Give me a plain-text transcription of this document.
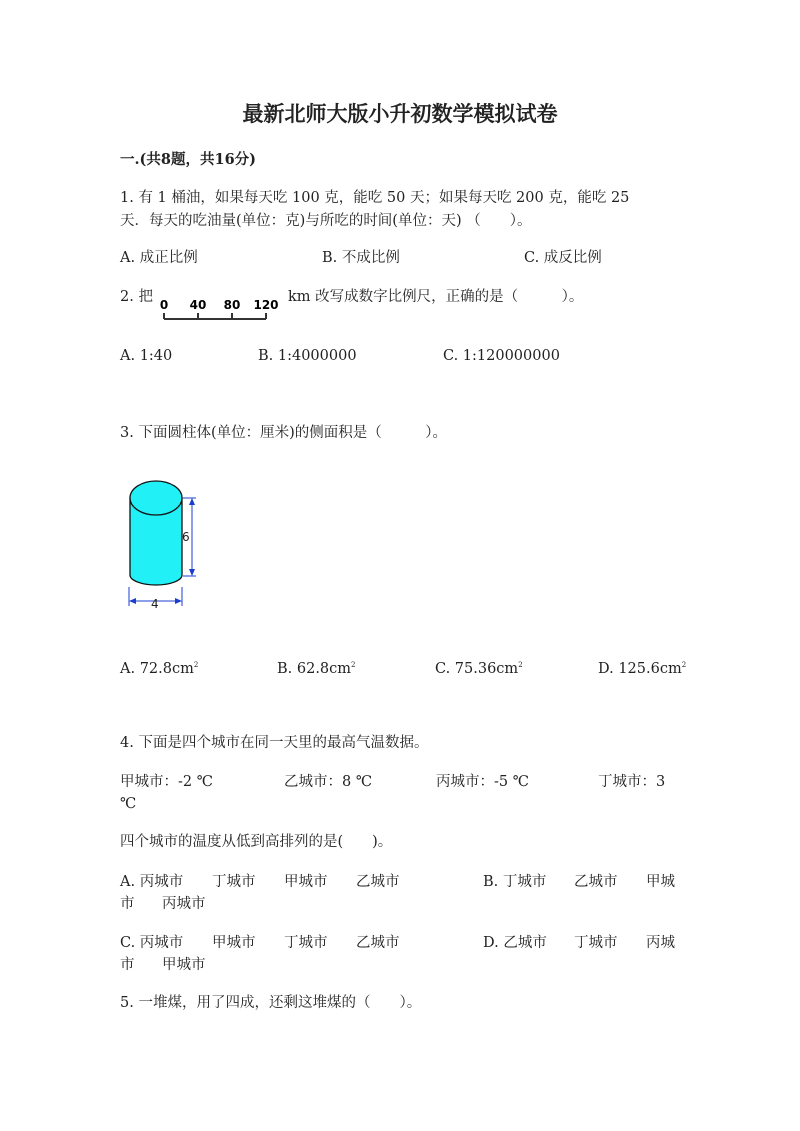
最新北师大版小升初数学模拟试卷
一.(共8题，共16分)
1. 有 1 桶油，如果每天吃 100 克，能吃 50 天；如果每天吃 200 克，能吃 25
天．每天的吃油量(单位：克)与所吃的时间(单位：天) （　　）。
A. 成正比例	B. 不成比例	C. 成反比例
2. 把 0 40 80 120 km 改写成数字比例尺，正确的是（　　　）。
A. 1:40	B. 1:4000000	C. 1:120000000
3. 下面圆柱体(单位：厘米)的侧面积是（　　　）。
6
4
A. $72.8cm^2$	B. $62.8cm^2$	C. $75.36cm^2$	D. $125.6cm^2$
4. 下面是四个城市在同一天里的最高气温数据。
甲城市：-2 ℃	乙城市：8 ℃	丙城市：-5 ℃	丁城市：3
℃
四个城市的温度从低到高排列的是(　　)。
A. 丙城市 丁城市 甲城市 乙城市	B. 丁城市 乙城市 甲城
市 丙城市
C. 丙城市 甲城市 丁城市 乙城市	D. 乙城市 丁城市 丙城
市 甲城市
5. 一堆煤，用了四成，还剩这堆煤的（　　）。
